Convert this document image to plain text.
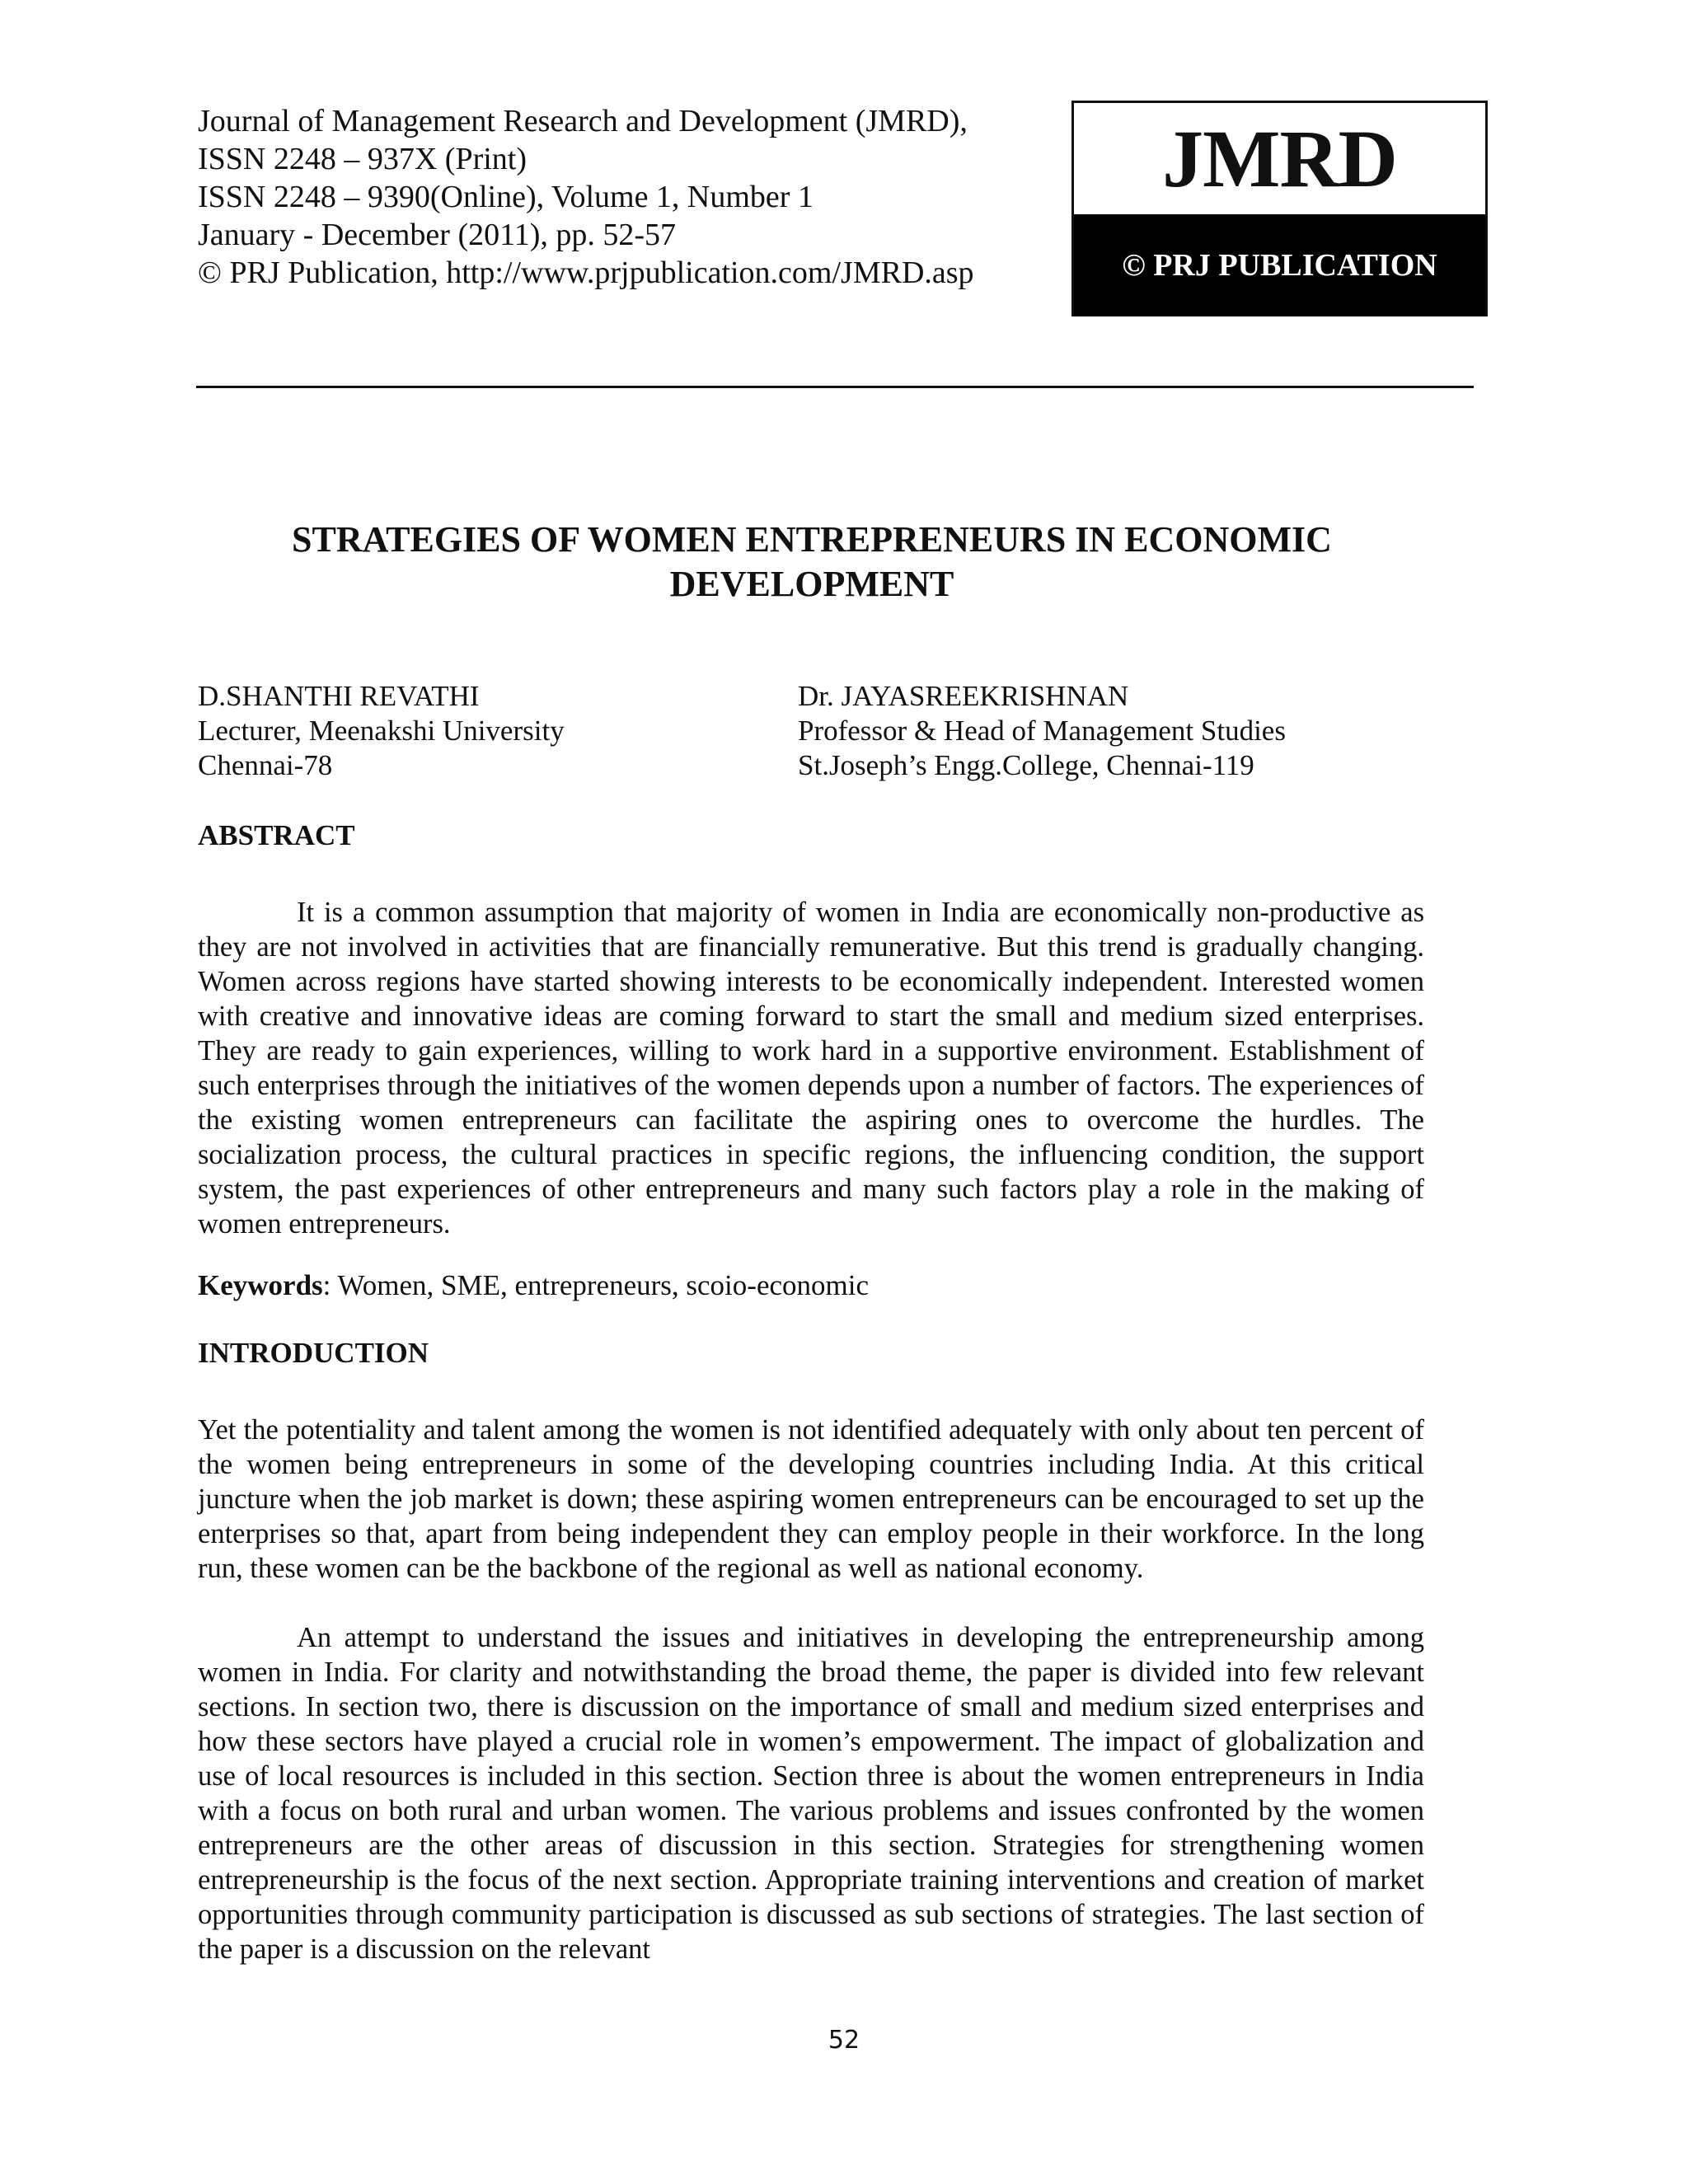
Journal of Management Research and Development (JMRD),
ISSN 2248 – 937X (Print)
ISSN 2248 – 9390(Online), Volume 1, Number 1
January - December (2011), pp. 52-57
© PRJ Publication, http://www.prjpublication.com/JMRD.asp
JMRD
© PRJ PUBLICATION
STRATEGIES OF WOMEN ENTREPRENEURS IN ECONOMIC
DEVELOPMENT
D.SHANTHI REVATHI
Lecturer, Meenakshi University
Chennai-78
Dr. JAYASREEKRISHNAN
Professor & Head of Management Studies
St.Joseph’s Engg.College, Chennai-119
ABSTRACT
It is a common assumption that majority of women in India are economically non-productive as they are not involved in activities that are financially remunerative. But this trend is gradually changing. Women across regions have started showing interests to be economically independent. Interested women with creative and innovative ideas are coming forward to start the small and medium sized enterprises. They are ready to gain experiences, willing to work hard in a supportive environment. Establishment of such enterprises through the initiatives of the women depends upon a number of factors. The experiences of the existing women entrepreneurs can facilitate the aspiring ones to overcome the hurdles. The socialization process, the cultural practices in specific regions, the influencing condition, the support system, the past experiences of other entrepreneurs and many such factors play a role in the making of women entrepreneurs.
Keywords: Women, SME, entrepreneurs, scoio-economic
INTRODUCTION
Yet the potentiality and talent among the women is not identified adequately with only about ten percent of the women being entrepreneurs in some of the developing countries including India. At this critical juncture when the job market is down; these aspiring women entrepreneurs can be encouraged to set up the enterprises so that, apart from being independent they can employ people in their workforce. In the long run, these women can be the backbone of the regional as well as national economy.
An attempt to understand the issues and initiatives in developing the entrepreneurship among women in India. For clarity and notwithstanding the broad theme, the paper is divided into few relevant sections. In section two, there is discussion on the importance of small and medium sized enterprises and how these sectors have played a crucial role in women’s empowerment. The impact of globalization and use of local resources is included in this section. Section three is about the women entrepreneurs in India with a focus on both rural and urban women. The various problems and issues confronted by the women entrepreneurs are the other areas of discussion in this section. Strategies for strengthening women entrepreneurship is the focus of the next section. Appropriate training interventions and creation of market opportunities through community participation is discussed as sub sections of strategies. The last section of the paper is a discussion on the relevant
52
